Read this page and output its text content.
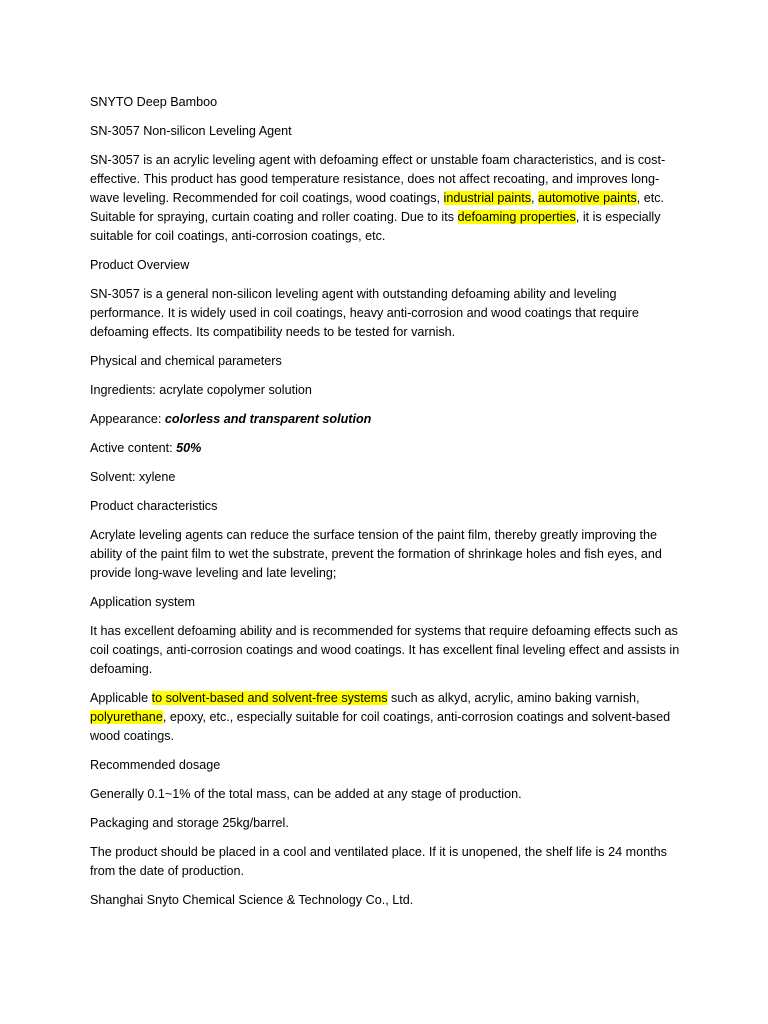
SNYTO Deep Bamboo

SN-3057 Non-silicon Leveling Agent

SN-3057 is an acrylic leveling agent with defoaming effect or unstable foam characteristics, and is cost-effective. This product has good temperature resistance, does not affect recoating, and improves long-wave leveling. Recommended for coil coatings, wood coatings, industrial paints, automotive paints, etc. Suitable for spraying, curtain coating and roller coating. Due to its defoaming properties, it is especially suitable for coil coatings, anti-corrosion coatings, etc.

Product Overview

SN-3057 is a general non-silicon leveling agent with outstanding defoaming ability and leveling performance. It is widely used in coil coatings, heavy anti-corrosion and wood coatings that require defoaming effects. Its compatibility needs to be tested for varnish.

Physical and chemical parameters

Ingredients: acrylate copolymer solution

Appearance: colorless and transparent solution

Active content: 50%

Solvent: xylene

Product characteristics

Acrylate leveling agents can reduce the surface tension of the paint film, thereby greatly improving the ability of the paint film to wet the substrate, prevent the formation of shrinkage holes and fish eyes, and provide long-wave leveling and late leveling;

Application system

It has excellent defoaming ability and is recommended for systems that require defoaming effects such as coil coatings, anti-corrosion coatings and wood coatings. It has excellent final leveling effect and assists in defoaming.

Applicable to solvent-based and solvent-free systems such as alkyd, acrylic, amino baking varnish, polyurethane, epoxy, etc., especially suitable for coil coatings, anti-corrosion coatings and solvent-based wood coatings.

Recommended dosage

Generally 0.1~1% of the total mass, can be added at any stage of production.

Packaging and storage 25kg/barrel.

The product should be placed in a cool and ventilated place. If it is unopened, the shelf life is 24 months from the date of production.

Shanghai Snyto Chemical Science & Technology Co., Ltd.
